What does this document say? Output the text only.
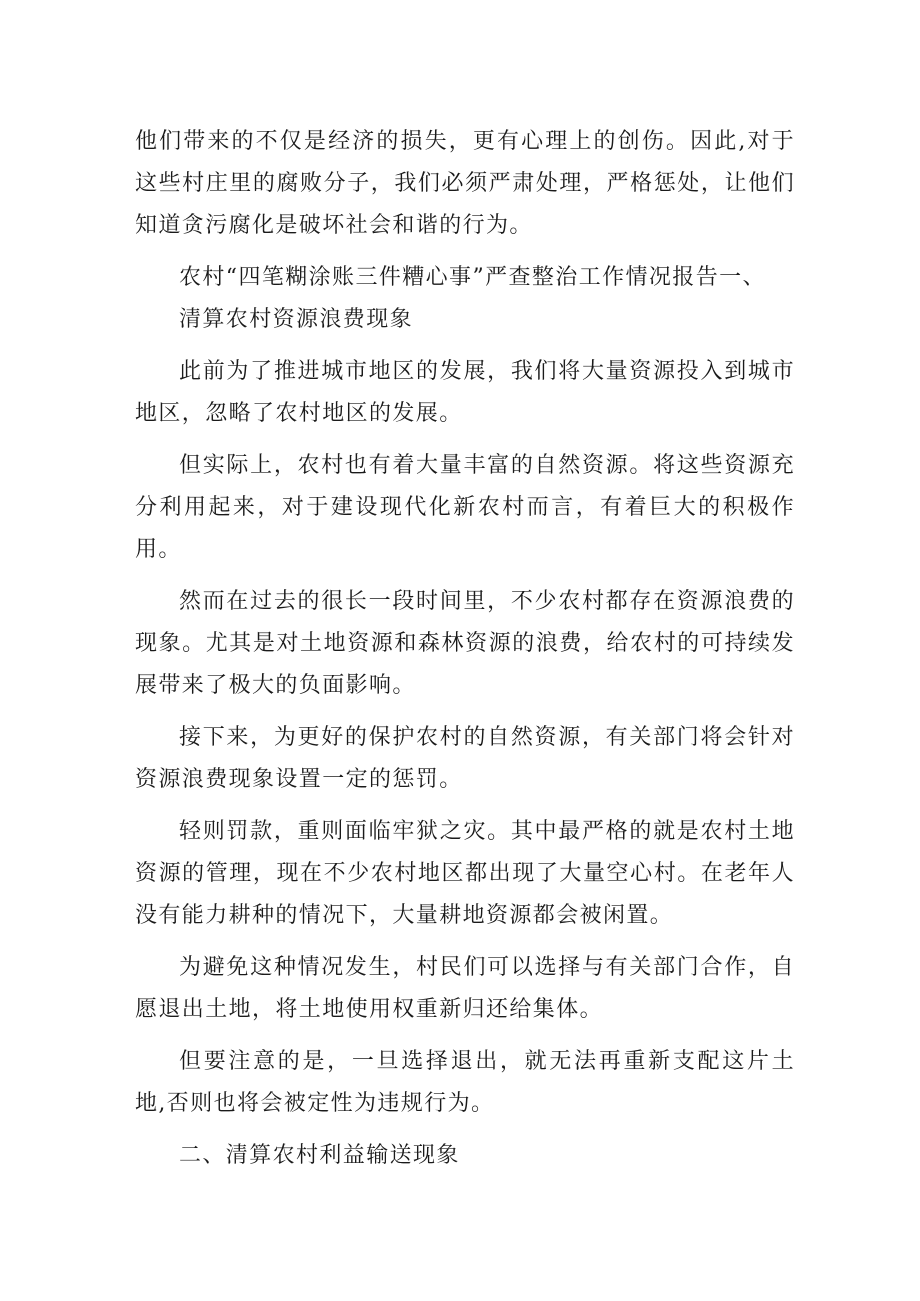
他们带来的不仅是经济的损失，更有心理上的创伤。因此,对于这些村庄里的腐败分子，我们必须严肃处理，严格惩处，让他们知道贪污腐化是破坏社会和谐的行为。

农村“四笔糊涂账三件糟心事”严查整治工作情况报告一、

清算农村资源浪费现象

此前为了推进城市地区的发展，我们将大量资源投入到城市地区，忽略了农村地区的发展。

但实际上，农村也有着大量丰富的自然资源。将这些资源充分利用起来，对于建设现代化新农村而言，有着巨大的积极作用。

然而在过去的很长一段时间里，不少农村都存在资源浪费的现象。尤其是对土地资源和森林资源的浪费，给农村的可持续发展带来了极大的负面影响。

接下来，为更好的保护农村的自然资源，有关部门将会针对资源浪费现象设置一定的惩罚。

轻则罚款，重则面临牢狱之灾。其中最严格的就是农村土地资源的管理，现在不少农村地区都出现了大量空心村。在老年人没有能力耕种的情况下，大量耕地资源都会被闲置。

为避免这种情况发生，村民们可以选择与有关部门合作，自愿退出土地，将土地使用权重新归还给集体。

但要注意的是，一旦选择退出，就无法再重新支配这片土地,否则也将会被定性为违规行为。

二、清算农村利益输送现象
